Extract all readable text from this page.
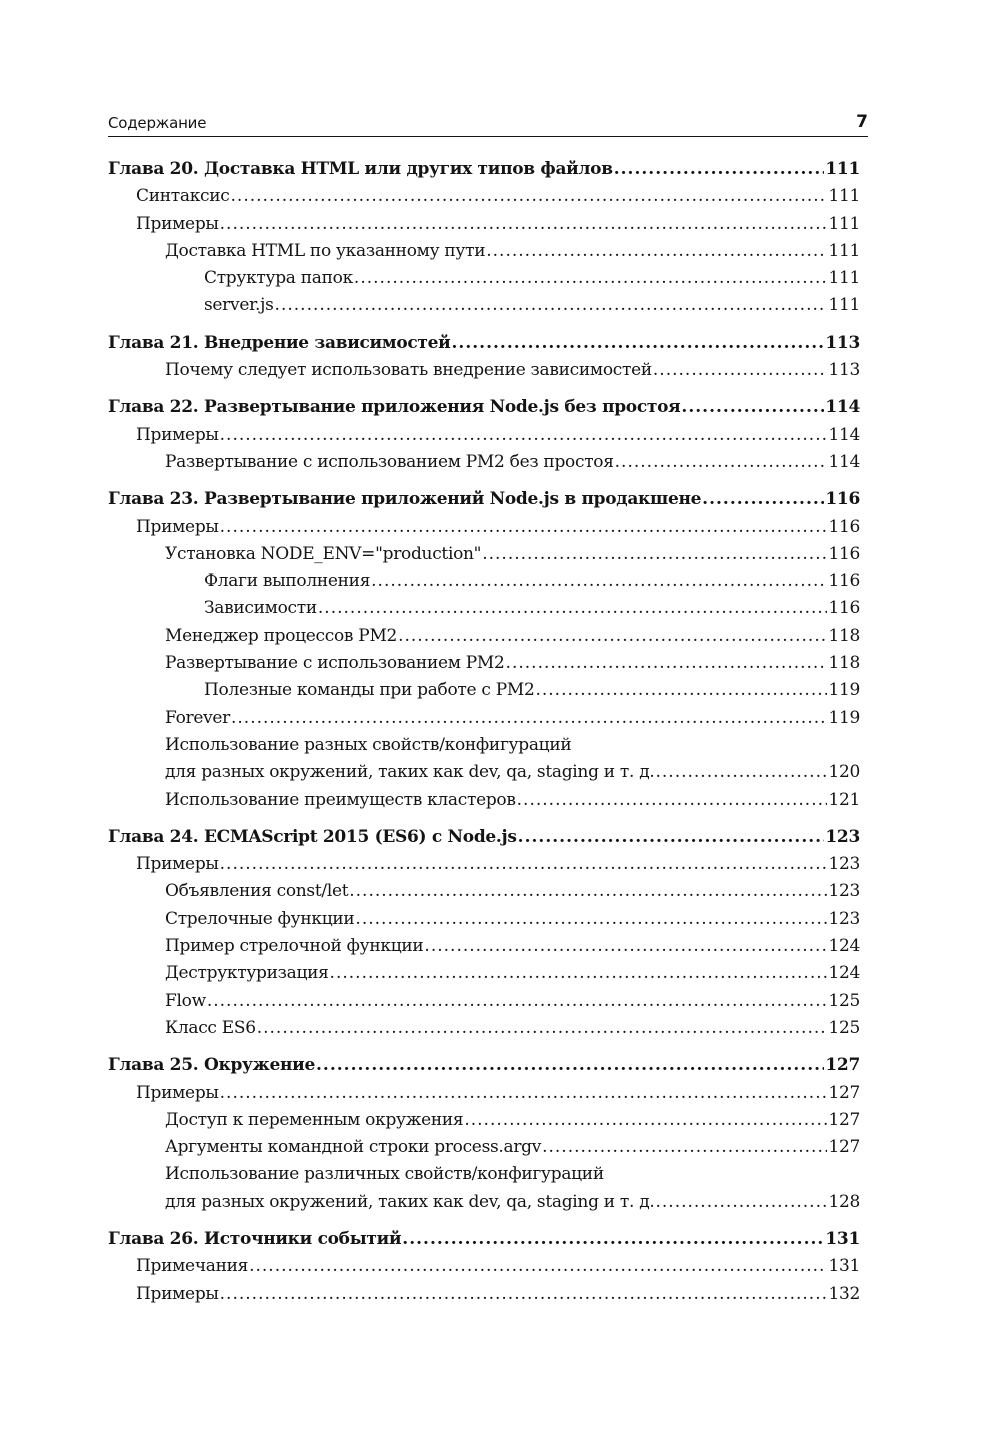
Содержание	7
Глава 20. Доставка HTML или других типов файлов .....	111
Синтаксис .....	111
Примеры .....	111
Доставка HTML по указанному пути .....	111
Структура папок .....	111
server.js .....	111
Глава 21. Внедрение зависимостей .....	113
Почему следует использовать внедрение зависимостей .....	113
Глава 22. Развертывание приложения Node.js без простоя .....	114
Примеры .....	114
Развертывание с использованием PM2 без простоя .....	114
Глава 23. Развертывание приложений Node.js в продакшене .....	116
Примеры .....	116
Установка NODE_ENV="production" .....	116
Флаги выполнения .....	116
Зависимости .....	116
Менеджер процессов PM2 .....	118
Развертывание с использованием PM2 .....	118
Полезные команды при работе с PM2 .....	119
Forever .....	119
Использование разных свойств/конфигураций
для разных окружений, таких как dev, qa, staging и т. д. .....	120
Использование преимуществ кластеров .....	121
Глава 24. ECMAScript 2015 (ES6) с Node.js .....	123
Примеры .....	123
Объявления const/let .....	123
Стрелочные функции .....	123
Пример стрелочной функции .....	124
Деструктуризация .....	124
Flow .....	125
Класс ES6 .....	125
Глава 25. Окружение .....	127
Примеры .....	127
Доступ к переменным окружения .....	127
Аргументы командной строки process.argv .....	127
Использование различных свойств/конфигураций
для разных окружений, таких как dev, qa, staging и т. д. .....	128
Глава 26. Источники событий .....	131
Примечания .....	131
Примеры .....	132
